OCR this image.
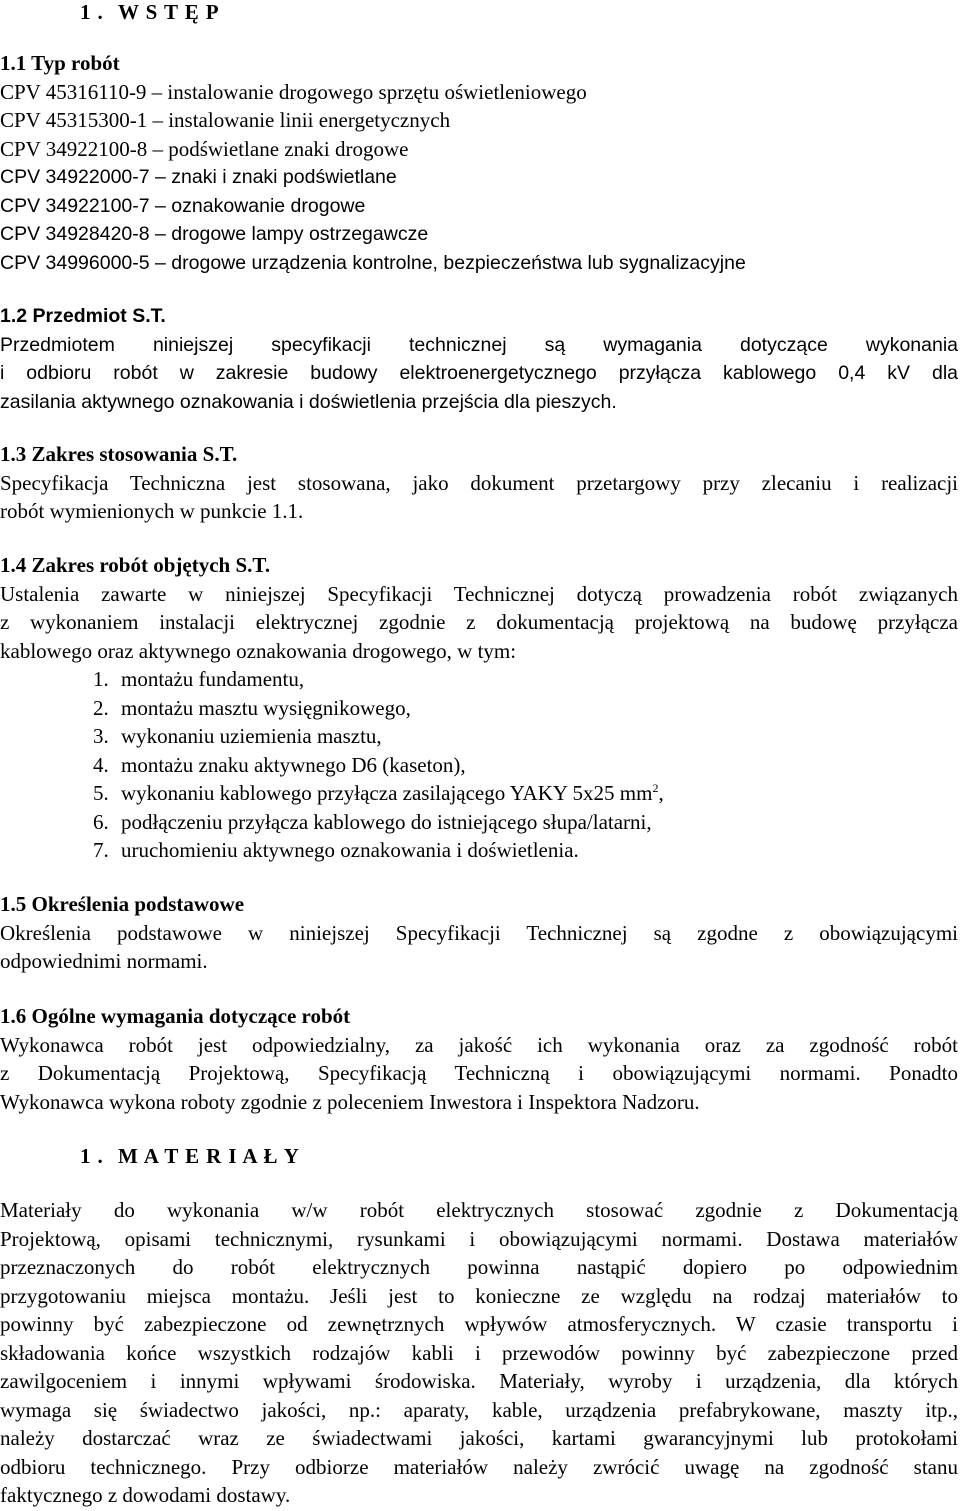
1 . W S T Ę P
1.1 Typ robót
CPV 45316110-9 – instalowanie drogowego sprzętu oświetleniowego
CPV 45315300-1 – instalowanie linii energetycznych
CPV 34922100-8 – podświetlane znaki drogowe
CPV 34922000-7 – znaki i znaki podświetlane
CPV 34922100-7 – oznakowanie drogowe
CPV 34928420-8 – drogowe lampy ostrzegawcze
CPV 34996000-5 – drogowe urządzenia kontrolne, bezpieczeństwa lub sygnalizacyjne
1.2 Przedmiot S.T.
Przedmiotem niniejszej specyfikacji technicznej są wymagania dotyczące wykonania
i odbioru robót w zakresie budowy elektroenergetycznego przyłącza kablowego 0,4 kV dla
zasilania aktywnego oznakowania i doświetlenia przejścia dla pieszych.
1.3 Zakres stosowania S.T.
Specyfikacja Techniczna jest stosowana, jako dokument przetargowy przy zlecaniu i realizacji
robót wymienionych w punkcie 1.1.
1.4 Zakres robót objętych S.T.
Ustalenia zawarte w niniejszej Specyfikacji Technicznej dotyczą prowadzenia robót związanych
z wykonaniem instalacji elektrycznej zgodnie z dokumentacją projektową na budowę przyłącza
kablowego oraz aktywnego oznakowania drogowego, w tym:
1. montażu fundamentu,
2. montażu masztu wysięgnikowego,
3. wykonaniu uziemienia masztu,
4. montażu znaku aktywnego D6 (kaseton),
5. wykonaniu kablowego przyłącza zasilającego YAKY 5x25 $mm^2$,
6. podłączeniu przyłącza kablowego do istniejącego słupa/latarni,
7. uruchomieniu aktywnego oznakowania i doświetlenia.
1.5 Określenia podstawowe
Określenia podstawowe w niniejszej Specyfikacji Technicznej są zgodne z obowiązującymi
odpowiednimi normami.
1.6 Ogólne wymagania dotyczące robót
Wykonawca robót jest odpowiedzialny, za jakość ich wykonania oraz za zgodność robót
z Dokumentacją Projektową, Specyfikacją Techniczną i obowiązującymi normami. Ponadto
Wykonawca wykona roboty zgodnie z poleceniem Inwestora i Inspektora Nadzoru.
1 . M A T E R I A Ł Y
Materiały do wykonania w/w robót elektrycznych stosować zgodnie z Dokumentacją
Projektową, opisami technicznymi, rysunkami i obowiązującymi normami. Dostawa materiałów
przeznaczonych do robót elektrycznych powinna nastąpić dopiero po odpowiednim
przygotowaniu miejsca montażu. Jeśli jest to konieczne ze względu na rodzaj materiałów to
powinny być zabezpieczone od zewnętrznych wpływów atmosferycznych. W czasie transportu i
składowania końce wszystkich rodzajów kabli i przewodów powinny być zabezpieczone przed
zawilgoceniem i innymi wpływami środowiska. Materiały, wyroby i urządzenia, dla których
wymaga się świadectwo jakości, np.: aparaty, kable, urządzenia prefabrykowane, maszty itp.,
należy dostarczać wraz ze świadectwami jakości, kartami gwarancyjnymi lub protokołami
odbioru technicznego. Przy odbiorze materiałów należy zwrócić uwagę na zgodność stanu
faktycznego z dowodami dostawy.
